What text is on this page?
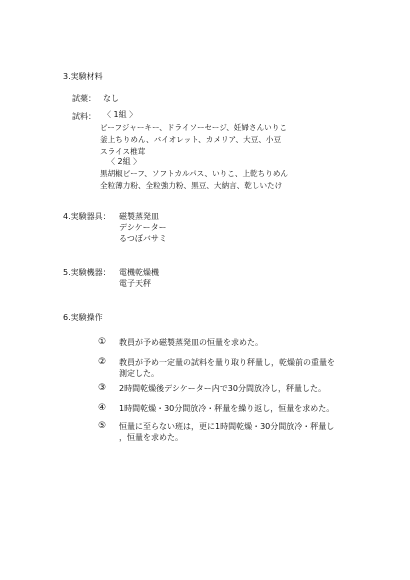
3.実験材料
試薬： なし
試料： 〈 1組 〉
ビーフジャーキー、ドライソーセージ、妊婦さんいりこ
釜上ちりめん、バイオレット、カメリア、大豆、小豆
スライス椎茸
〈 2組 〉
黒胡椒ビーフ、ソフトカルパス、いりこ、上乾ちりめん
全粒薄力粉、全粒強力粉、黒豆、大納言、乾しいたけ
4.実験器具： 磁製蒸発皿
デシケーター
るつぼバサミ
5.実験機器： 電機乾燥機
電子天秤
6.実験操作
① 教員が予め磁製蒸発皿の恒量を求めた。
② 教員が予め一定量の試料を量り取り秤量し，乾燥前の重量を
測定した。
③ 2時間乾燥後デシケーター内で30分間放冷し，秤量した。
④ 1時間乾燥・30分間放冷・秤量を繰り返し，恒量を求めた。
⑤ 恒量に至らない班は，更に1時間乾燥・30分間放冷・秤量し
，恒量を求めた。
